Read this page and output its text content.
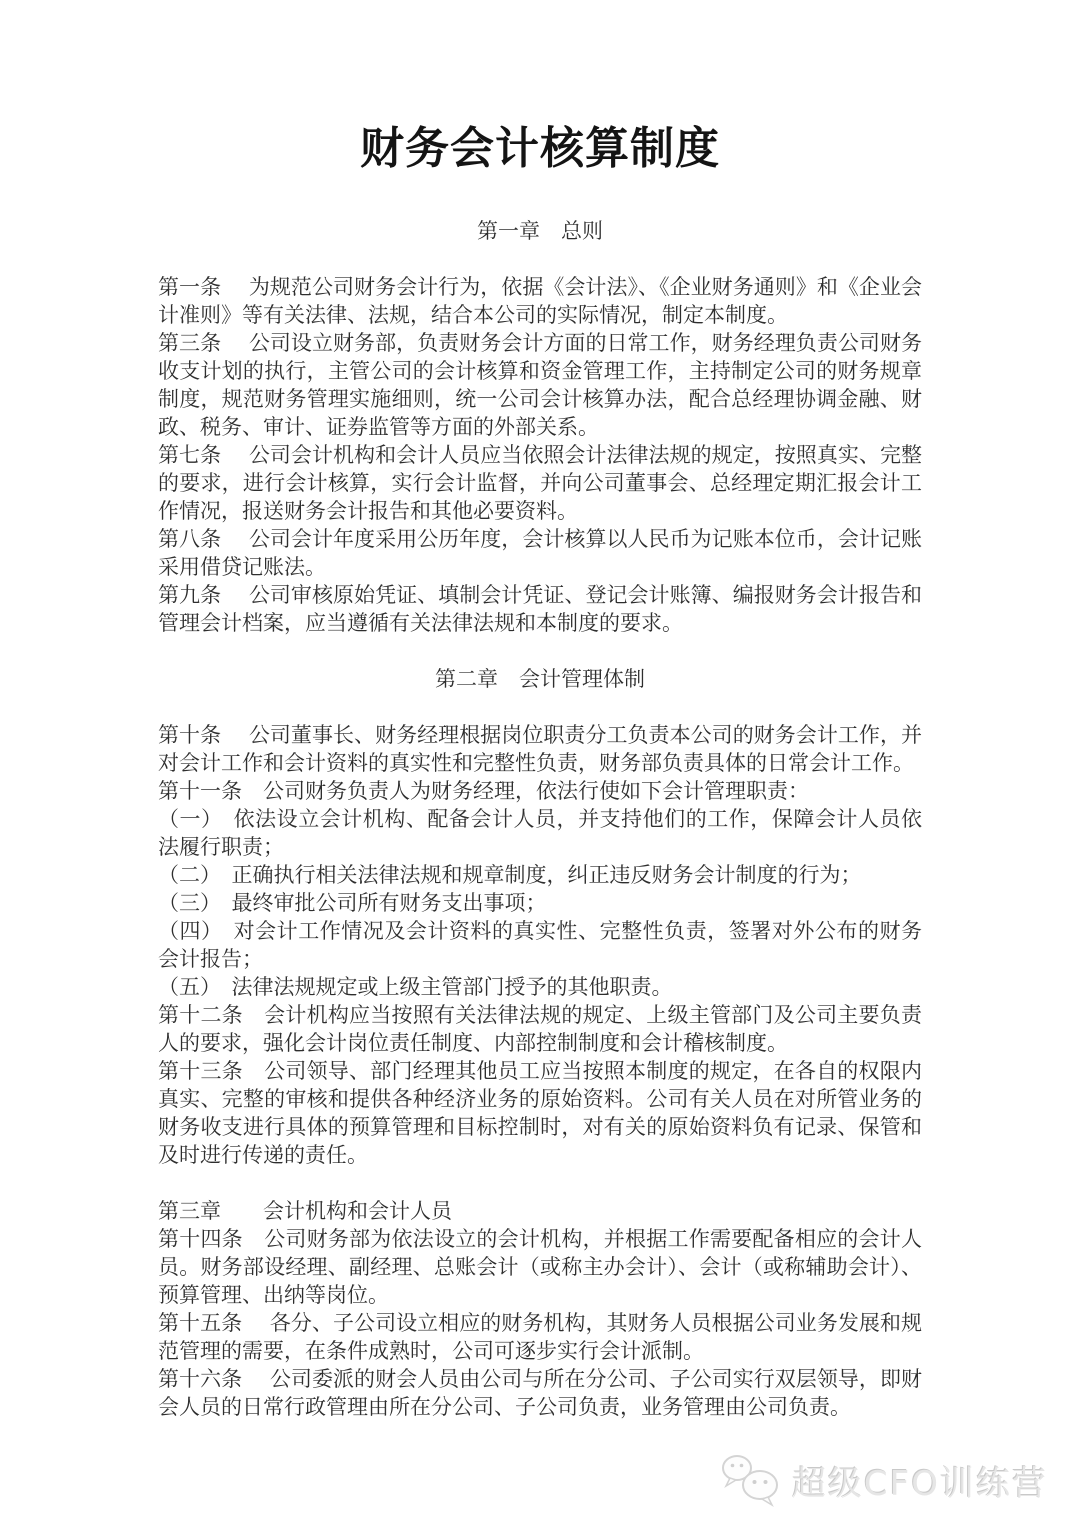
财务会计核算制度
第一章　总则

第一条　 为规范公司财务会计行为，依据《会计法》、《企业财务通则》和《企业会计准则》等有关法律、法规，结合本公司的实际情况，制定本制度。

第三条　 公司设立财务部，负责财务会计方面的日常工作，财务经理负责公司财务收支计划的执行，主管公司的会计核算和资金管理工作，主持制定公司的财务规章制度，规范财务管理实施细则，统一公司会计核算办法，配合总经理协调金融、财政、税务、审计、证券监管等方面的外部关系。

第七条　 公司会计机构和会计人员应当依照会计法律法规的规定，按照真实、完整的要求，进行会计核算，实行会计监督，并向公司董事会、总经理定期汇报会计工作情况，报送财务会计报告和其他必要资料。

第八条　 公司会计年度采用公历年度，会计核算以人民币为记账本位币，会计记账采用借贷记账法。

第九条　 公司审核原始凭证、填制会计凭证、登记会计账簿、编报财务会计报告和管理会计档案，应当遵循有关法律法规和本制度的要求。

第二章　会计管理体制

第十条　 公司董事长、财务经理根据岗位职责分工负责本公司的财务会计工作，并对会计工作和会计资料的真实性和完整性负责，财务部负责具体的日常会计工作。

第十一条　公司财务负责人为财务经理，依法行使如下会计管理职责：

（一）　依法设立会计机构、配备会计人员，并支持他们的工作，保障会计人员依法履行职责；

（二）　正确执行相关法律法规和规章制度，纠正违反财务会计制度的行为；

（三）　最终审批公司所有财务支出事项；

（四）　对会计工作情况及会计资料的真实性、完整性负责，签署对外公布的财务会计报告；

（五）　法律法规规定或上级主管部门授予的其他职责。

第十二条　会计机构应当按照有关法律法规的规定、上级主管部门及公司主要负责人的要求，强化会计岗位责任制度、内部控制制度和会计稽核制度。

第十三条　公司领导、部门经理其他员工应当按照本制度的规定，在各自的权限内真实、完整的审核和提供各种经济业务的原始资料。公司有关人员在对所管业务的财务收支进行具体的预算管理和目标控制时，对有关的原始资料负有记录、保管和及时进行传递的责任。

第三章　　会计机构和会计人员

第十四条　公司财务部为依法设立的会计机构，并根据工作需要配备相应的会计人员。财务部设经理、副经理、总账会计（或称主办会计）、会计（或称辅助会计）、预算管理、出纳等岗位。

第十五条　 各分、子公司设立相应的财务机构，其财务人员根据公司业务发展和规范管理的需要，在条件成熟时，公司可逐步实行会计派制。

第十六条　 公司委派的财会人员由公司与所在分公司、子公司实行双层领导，即财会人员的日常行政管理由所在分公司、子公司负责，业务管理由公司负责。

超级CFO训练营
